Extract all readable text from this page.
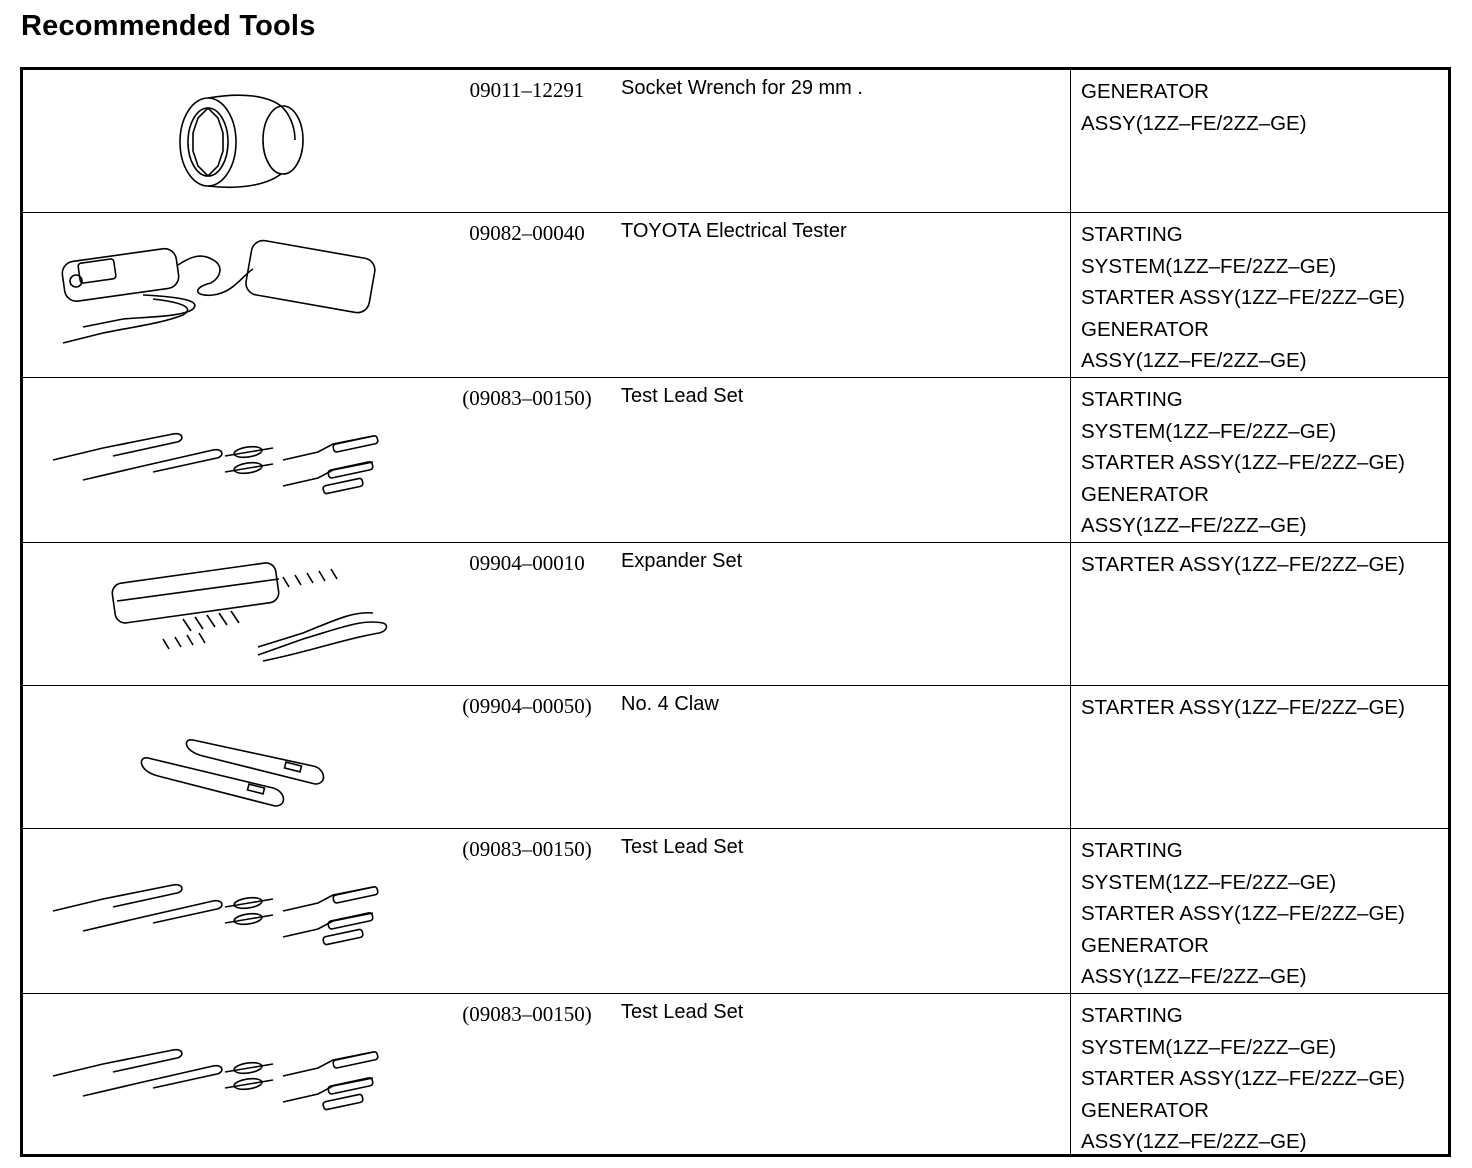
Recommended Tools
09011–12291	Socket Wrench for 29 mm .	GENERATOR
ASSY(1ZZ–FE/2ZZ–GE)
09082–00040	TOYOTA Electrical Tester	STARTING
SYSTEM(1ZZ–FE/2ZZ–GE)
STARTER ASSY(1ZZ–FE/2ZZ–GE)
GENERATOR
ASSY(1ZZ–FE/2ZZ–GE)
(09083–00150)	Test Lead Set	STARTING
SYSTEM(1ZZ–FE/2ZZ–GE)
STARTER ASSY(1ZZ–FE/2ZZ–GE)
GENERATOR
ASSY(1ZZ–FE/2ZZ–GE)
09904–00010	Expander Set	STARTER ASSY(1ZZ–FE/2ZZ–GE)
(09904–00050)	No. 4 Claw	STARTER ASSY(1ZZ–FE/2ZZ–GE)
(09083–00150)	Test Lead Set	STARTING
SYSTEM(1ZZ–FE/2ZZ–GE)
STARTER ASSY(1ZZ–FE/2ZZ–GE)
GENERATOR
ASSY(1ZZ–FE/2ZZ–GE)
(09083–00150)	Test Lead Set	STARTING
SYSTEM(1ZZ–FE/2ZZ–GE)
STARTER ASSY(1ZZ–FE/2ZZ–GE)
GENERATOR
ASSY(1ZZ–FE/2ZZ–GE)
